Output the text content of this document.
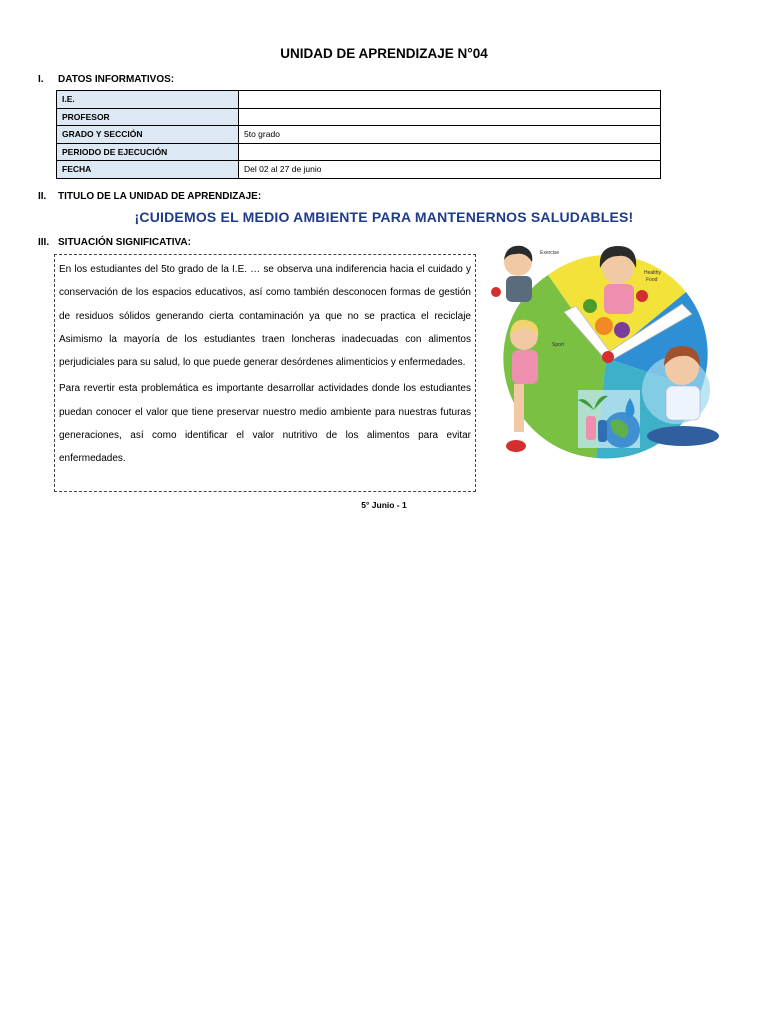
UNIDAD DE APRENDIZAJE N°04
I. DATOS INFORMATIVOS:
I.E.	
PROFESOR	
GRADO Y SECCIÓN	5to grado
PERIODO DE EJECUCIÓN	
FECHA	Del 02 al 27 de junio
II. TITULO DE LA UNIDAD DE APRENDIZAJE:
¡CUIDEMOS EL MEDIO AMBIENTE PARA MANTENERNOS SALUDABLES!
III. SITUACIÓN SIGNIFICATIVA:

En los estudiantes del 5to grado de la I.E. … se observa una indiferencia hacia el cuidado y conservación de los espacios educativos, así como también desconocen formas de gestión de residuos sólidos generando cierta contaminación ya que no se practica el reciclaje Asimismo la mayoría de los estudiantes traen loncheras inadecuadas con alimentos perjudiciales para su salud, lo que puede generar desórdenes alimenticios y enfermedades.

Para revertir esta problemática es importante desarrollar actividades donde los estudiantes puedan conocer el valor que tiene preservar nuestro medio ambiente para nuestras futuras generaciones, así como identificar el valor nutritivo de los alimentos para evitar enfermedades.

Exercise
Healthy
Food
Sport
5° Junio - 1
